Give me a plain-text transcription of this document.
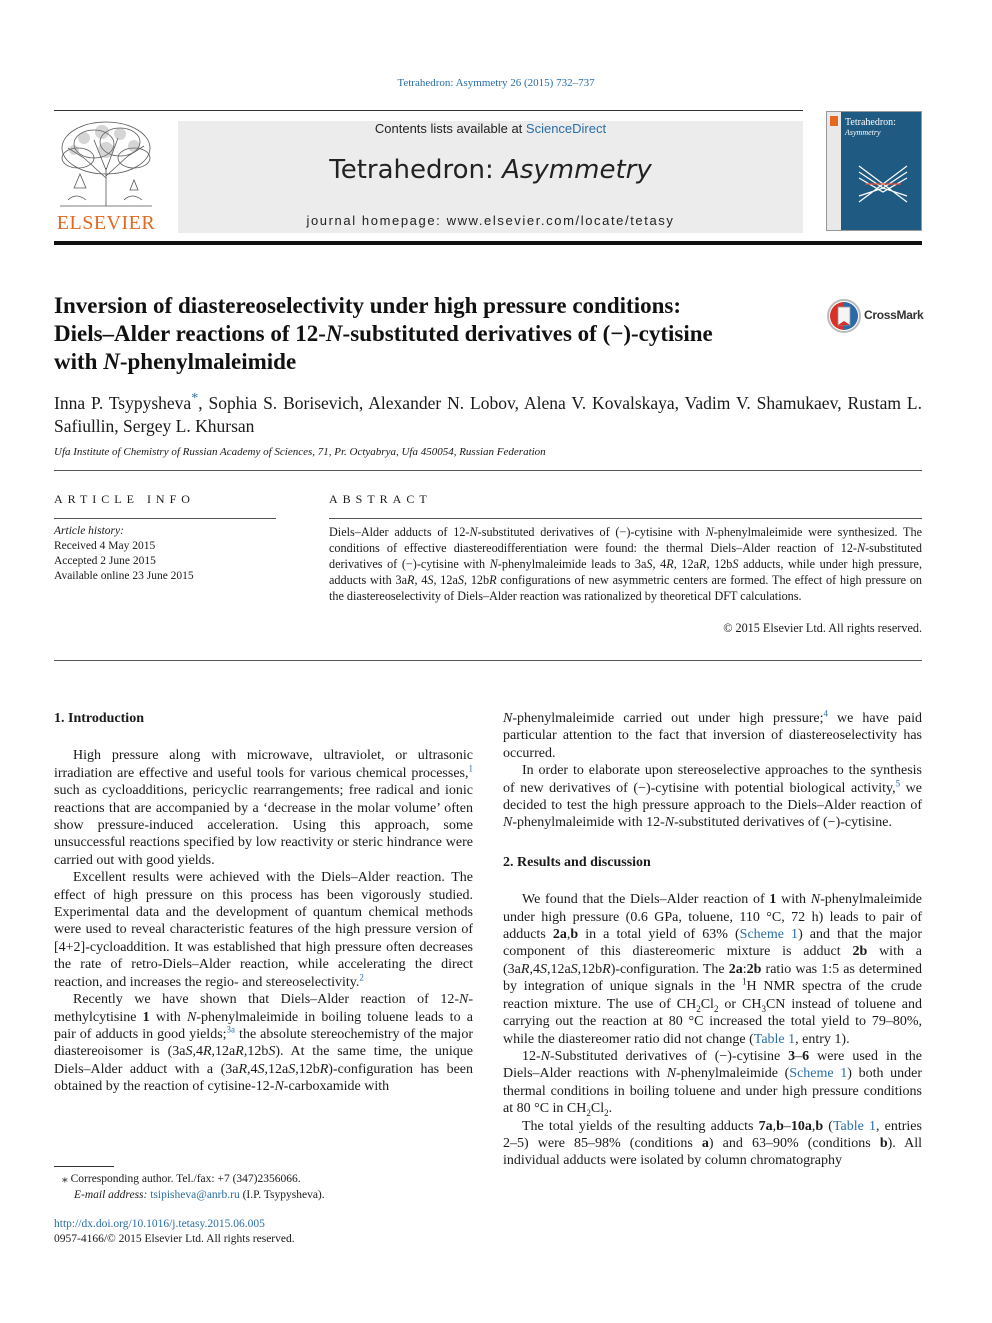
Tetrahedron: Asymmetry 26 (2015) 732–737
ELSEVIER
Contents lists available at ScienceDirect
Tetrahedron: Asymmetry
journal homepage: www.elsevier.com/locate/tetasy
Tetrahedron:
Asymmetry
Inversion of diastereoselectivity under high pressure conditions:
Diels–Alder reactions of 12-N-substituted derivatives of (−)-cytisine
with N-phenylmaleimide
CrossMark
Inna P. Tsypysheva*, Sophia S. Borisevich, Alexander N. Lobov, Alena V. Kovalskaya, Vadim V. Shamukaev, Rustam L. Safiullin, Sergey L. Khursan
Ufa Institute of Chemistry of Russian Academy of Sciences, 71, Pr. Octyabrya, Ufa 450054, Russian Federation
ARTICLE INFO
Article history:
Received 4 May 2015
Accepted 2 June 2015
Available online 23 June 2015
ABSTRACT
Diels–Alder adducts of 12-N-substituted derivatives of (−)-cytisine with N-phenylmaleimide were synthesized. The conditions of effective diastereodifferentiation were found: the thermal Diels–Alder reaction of 12-N-substituted derivatives of (−)-cytisine with N-phenylmaleimide leads to 3aS, 4R, 12aR, 12bS adducts, while under high pressure, adducts with 3aR, 4S, 12aS, 12bR configurations of new asymmetric centers are formed. The effect of high pressure on the diastereoselectivity of Diels–Alder reaction was rationalized by theoretical DFT calculations.
© 2015 Elsevier Ltd. All rights reserved.
1. Introduction

High pressure along with microwave, ultraviolet, or ultrasonic irradiation are effective and useful tools for various chemical processes,$^1$ such as cycloadditions, pericyclic rearrangements; free radical and ionic reactions that are accompanied by a ‘decrease in the molar volume’ often show pressure-induced acceleration. Using this approach, some unsuccessful reactions specified by low reactivity or steric hindrance were carried out with good yields.

Excellent results were achieved with the Diels–Alder reaction. The effect of high pressure on this process has been vigorously studied. Experimental data and the development of quantum chemical methods were used to reveal characteristic features of the high pressure version of [4+2]-cycloaddition. It was established that high pressure often decreases the rate of retro-Diels–Alder reaction, while accelerating the direct reaction, and increases the regio- and stereoselectivity.$^2$

Recently we have shown that Diels–Alder reaction of 12-N-methylcytisine 1 with N-phenylmaleimide in boiling toluene leads to a pair of adducts in good yields;$^{3a}$ the absolute stereochemistry of the major diastereoisomer is (3aS,4R,12aR,12bS). At the same time, the unique Diels–Alder adduct with a (3aR,4S,12aS,12bR)-configuration has been obtained by the reaction of cytisine-12-N-carboxamide with

N-phenylmaleimide carried out under high pressure;$^4$ we have paid particular attention to the fact that inversion of diastereoselectivity has occurred.

In order to elaborate upon stereoselective approaches to the synthesis of new derivatives of (−)-cytisine with potential biological activity,$^5$ we decided to test the high pressure approach to the Diels–Alder reaction of N-phenylmaleimide with 12-N-substituted derivatives of (−)-cytisine.

2. Results and discussion

We found that the Diels–Alder reaction of 1 with N-phenylmaleimide under high pressure (0.6 GPa, toluene, 110 °C, 72 h) leads to pair of adducts 2a,b in a total yield of 63% (Scheme 1) and that the major component of this diastereomeric mixture is adduct 2b with a (3aR,4S,12aS,12bR)-configuration. The 2a:2b ratio was 1:5 as determined by integration of unique signals in the $^1$H NMR spectra of the crude reaction mixture. The use of $CH_2Cl_2$ or $CH_3CN$ instead of toluene and carrying out the reaction at 80 °C increased the total yield to 79–80%, while the diastereomer ratio did not change (Table 1, entry 1).

12-N-Substituted derivatives of (−)-cytisine 3–6 were used in the Diels–Alder reactions with N-phenylmaleimide (Scheme 1) both under thermal conditions in boiling toluene and under high pressure conditions at 80 °C in $CH_2Cl_2$.

The total yields of the resulting adducts 7a,b–10a,b (Table 1, entries 2–5) were 85–98% (conditions a) and 63–90% (conditions b). All individual adducts were isolated by column chromatography

⁎ Corresponding author. Tel./fax: +7 (347)2356066.
E-mail address: tsipisheva@anrb.ru (I.P. Tsypysheva).
http://dx.doi.org/10.1016/j.tetasy.2015.06.005
0957-4166/© 2015 Elsevier Ltd. All rights reserved.
